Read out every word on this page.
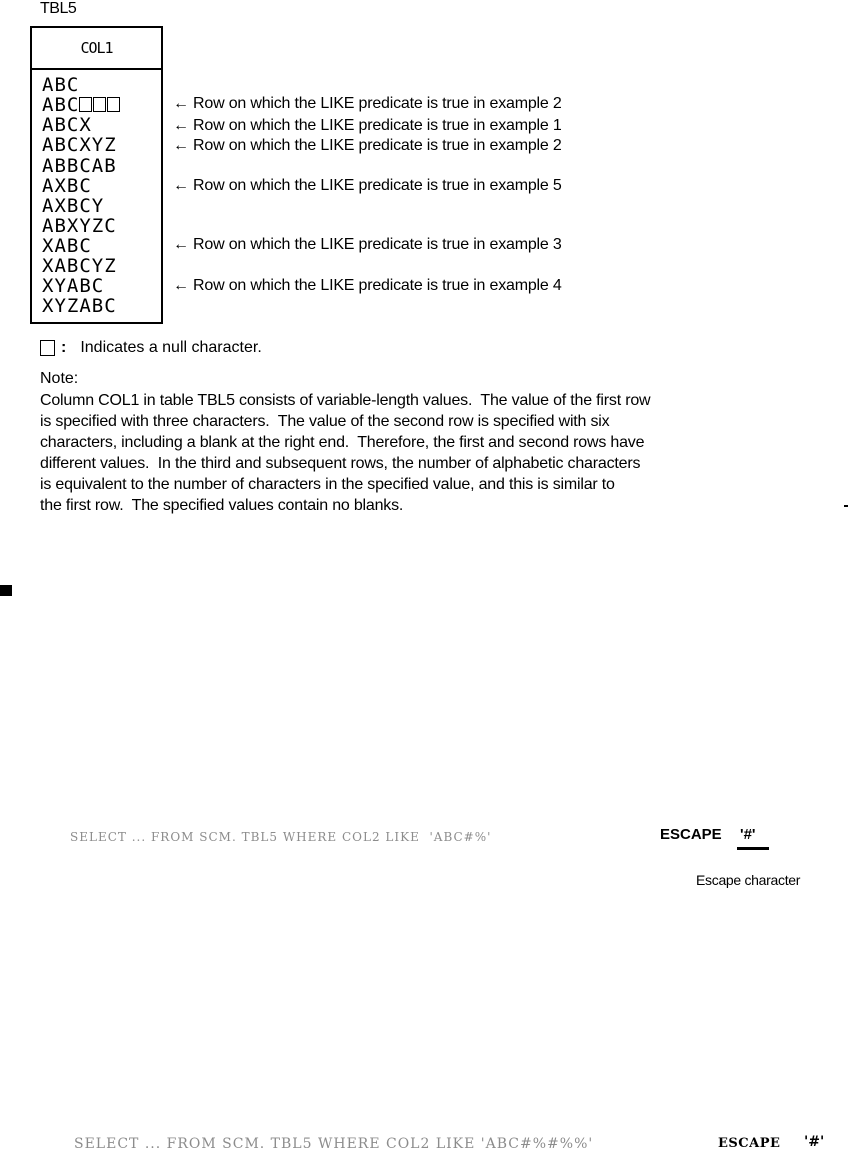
TBL5
COL1
ABC
ABC
ABCX
ABCXYZ
ABBCAB
AXBC
AXBCY
ABXYZC
XABC
XABCYZ
XYABC
XYZABC
← Row on which the LIKE predicate is true in example 2
← Row on which the LIKE predicate is true in example 1
← Row on which the LIKE predicate is true in example 2
← Row on which the LIKE predicate is true in example 5
← Row on which the LIKE predicate is true in example 3
← Row on which the LIKE predicate is true in example 4
: Indicates a null character.
Note:
Column COL1 in table TBL5 consists of variable-length values.  The value of the first row
is specified with three characters.  The value of the second row is specified with six
characters, including a blank at the right end.  Therefore, the first and second rows have
different values.  In the third and subsequent rows, the number of alphabetic characters
is equivalent to the number of characters in the specified value, and this is similar to
the first row.  The specified values contain no blanks.
SELECT ... FROM SCM. TBL5 WHERE COL2 LIKE  'ABC#%'	ESCAPE '#'
Escape character
SELECT ... FROM SCM. TBL5 WHERE COL2 LIKE 'ABC#%#%%'	ESCAPE '#'
